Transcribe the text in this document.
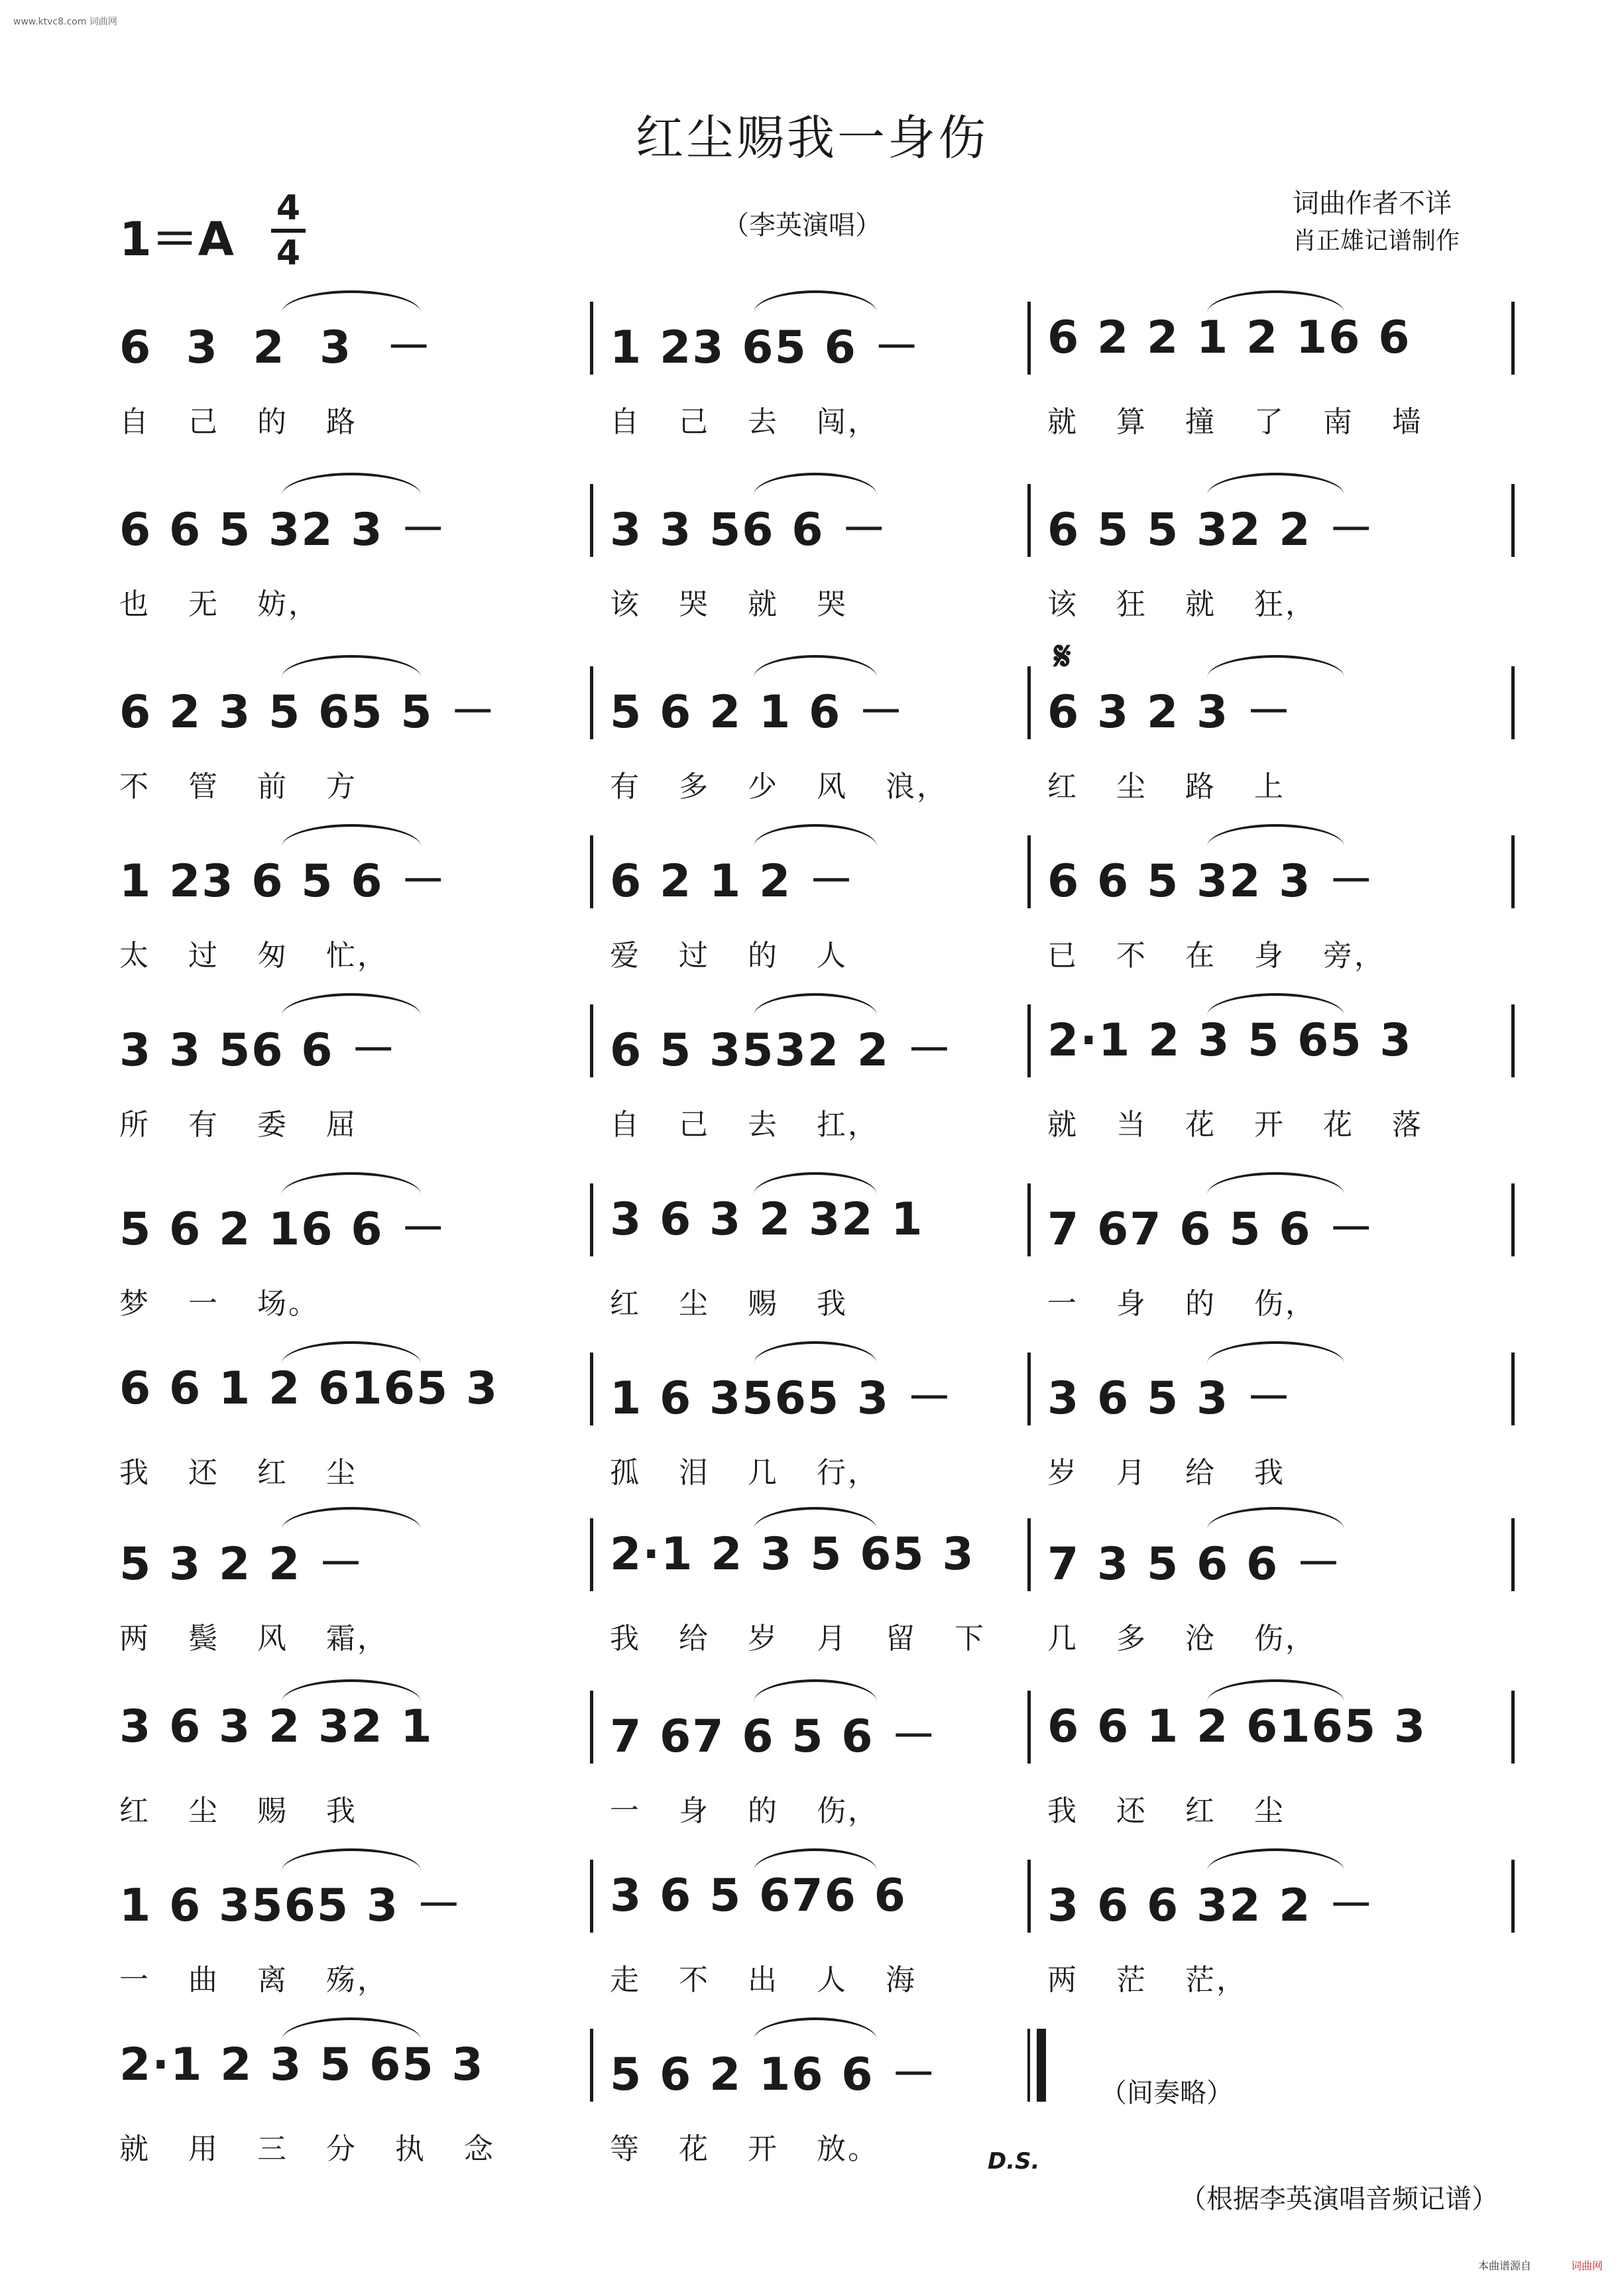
www.ktvc8.com 词曲网
红尘赐我一身伤
1＝A
4
4
（李英演唱）
词曲作者不详
肖正雄记谱制作
𝄋
6  3  2  3  －	1 23 65 6 －	6 2 2 1 2 16 6
自 己 的 路	自 己 去 闯，	就 算 撞 了 南 墙
6 6 5 32 3 －	3 3 56 6 －	6 5 5 32 2 －
也 无 妨，	该 哭 就 哭	该 狂 就 狂，
6 2 3 5 65 5 －	5 6 2 1 6 －	6 3 2 3 －
不 管 前 方	有 多 少 风 浪，	红 尘 路 上
1 23 6 5 6 －	6 2 1 2 －	6 6 5 32 3 －
太 过 匆 忙，	爱 过 的 人	已 不 在 身 旁，
3 3 56 6 －	6 5 3532 2 －	2·1 2 3 5 65 3
所 有 委 屈	自 己 去 扛，	就 当 花 开 花 落
5 6 2 16 6 －	3 6 3 2 32 1	7 67 6 5 6 －
梦 一 场。	红 尘 赐 我	一 身 的 伤，
6 6 1 2 6165 3	1 6 3565 3 －	3 6 5 3 －
我 还 红 尘	孤 泪 几 行，	岁 月 给 我
5 3 2 2 －	2·1 2 3 5 65 3	7 3 5 6 6 －
两 鬓 风 霜，	我 给 岁 月 留 下	几 多 沧 伤，
3 6 3 2 32 1	7 67 6 5 6 －	6 6 1 2 6165 3
红 尘 赐 我	一 身 的 伤，	我 还 红 尘
1 6 3565 3 －	3 6 5 676 6	3 6 6 32 2 －
一 曲 离 殇，	走 不 出 人 海	两 茫 茫，
2·1 2 3 5 65 3	5 6 2 16 6 －
就 用 三 分 执 念	等 花 开 放。
（间奏略）
D.S.
（根据李英演唱音频记谱）
本曲谱源自	词曲网
